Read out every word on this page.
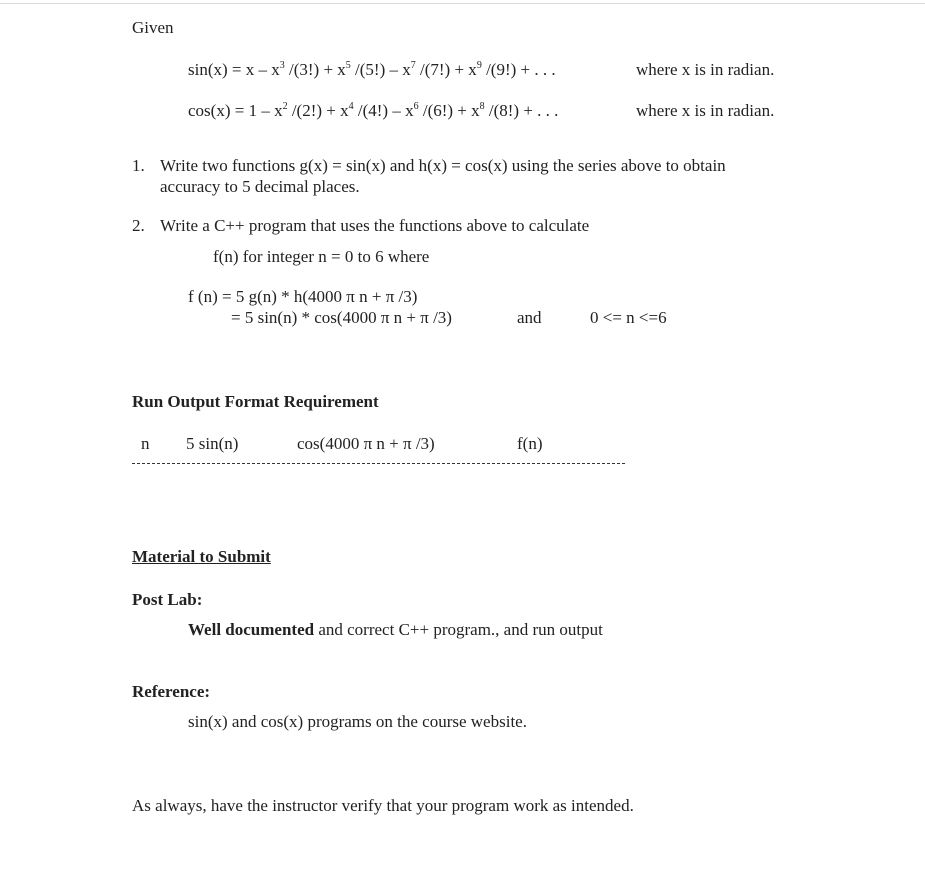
Given
$\sin(x) = x - x^3$ $/(3!) + x^5$ $/(5!) - x^7$ $/(7!) + x^9$ /(9!) + . . .	where x is in radian.
$\cos(x) = 1 - x^2$ $/(2!) + x^4$ $/(4!) - x^6$ $/(6!) + x^8$ /(8!) + . . .	where x is in radian.
1. Write two functions g(x) = sin(x) and h(x) = cos(x) using the series above to obtain
accuracy to 5 decimal places.
2. Write a C++ program that uses the functions above to calculate
f(n) for integer n = 0 to 6 where
f (n) = 5 g(n) * h(4000 π n + π /3)
= 5 sin(n) * cos(4000 π n + π /3)	and	0 <= n <=6
Run Output Format Requirement
n 5 sin(n)	cos(4000 π n + π /3)	f(n)
Material to Submit
Post Lab:
Well documented and correct C++ program., and run output
Reference:
sin(x) and cos(x) programs on the course website.
As always, have the instructor verify that your program work as intended.
